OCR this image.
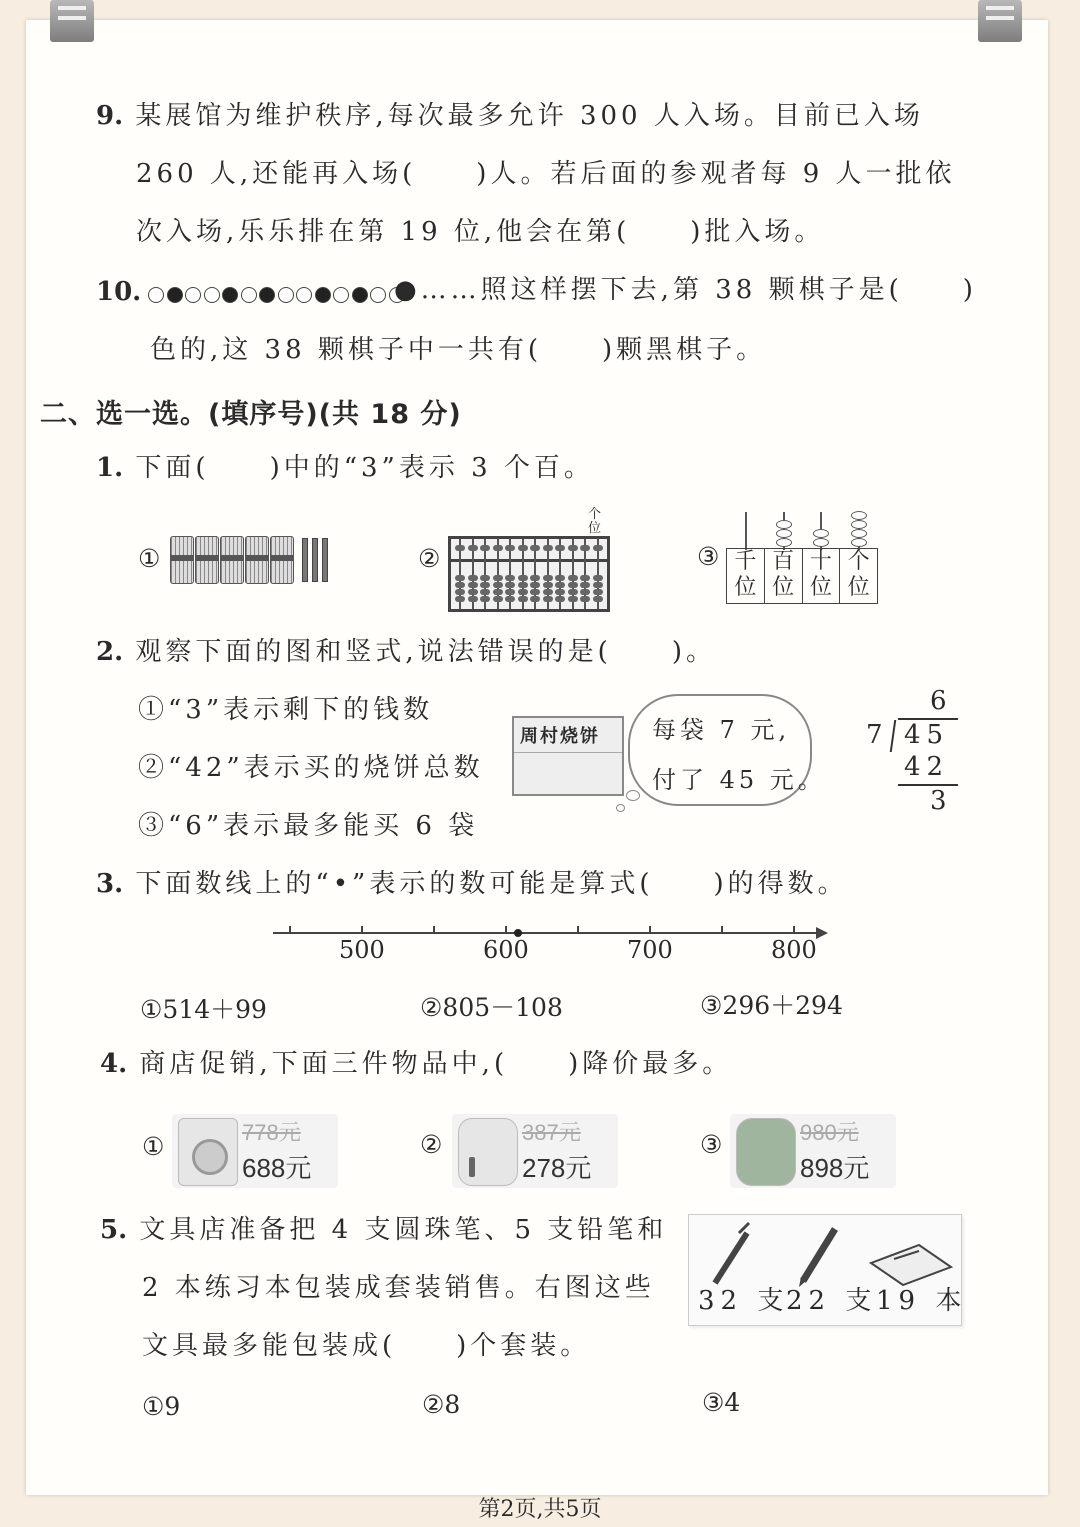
9. 某展馆为维护秩序,每次最多允许 300 人入场。目前已入场
260 人,还能再入场(　　)人。若后面的参观者每 9 人一批依
次入场,乐乐排在第 19 位,他会在第(　　)批入场。
10.	●……照这样摆下去,第 38 颗棋子是(　　)
色的,这 38 颗棋子中一共有(　　)颗黑棋子。
二、选一选。(填序号)(共 18 分)
1. 下面(　　)中的“3”表示 3 个百。
①	②
个位
③ 千位
百位
十位
个位
2. 观察下面的图和竖式,说法错误的是(　　)。
①“3”表示剩下的钱数
②“42”表示买的烧饼总数
③“6”表示最多能买 6 袋
周村烧饼	每袋 7 元,
付了 45 元。
6
7 45
42
3
3. 下面数线上的“•”表示的数可能是算式(　　)的得数。
500	600	700	800
①514＋99	②805－108	③296＋294
4. 商店促销,下面三件物品中,(　　)降价最多。
①	778元
688元
②	387元
278元
③	980元
898元
5. 文具店准备把 4 支圆珠笔、5 支铅笔和
2 本练习本包装成套装销售。右图这些
文具最多能包装成(　　)个套装。
32 支
22 支
19 本
①9	②8	③4
第2页,共5页
